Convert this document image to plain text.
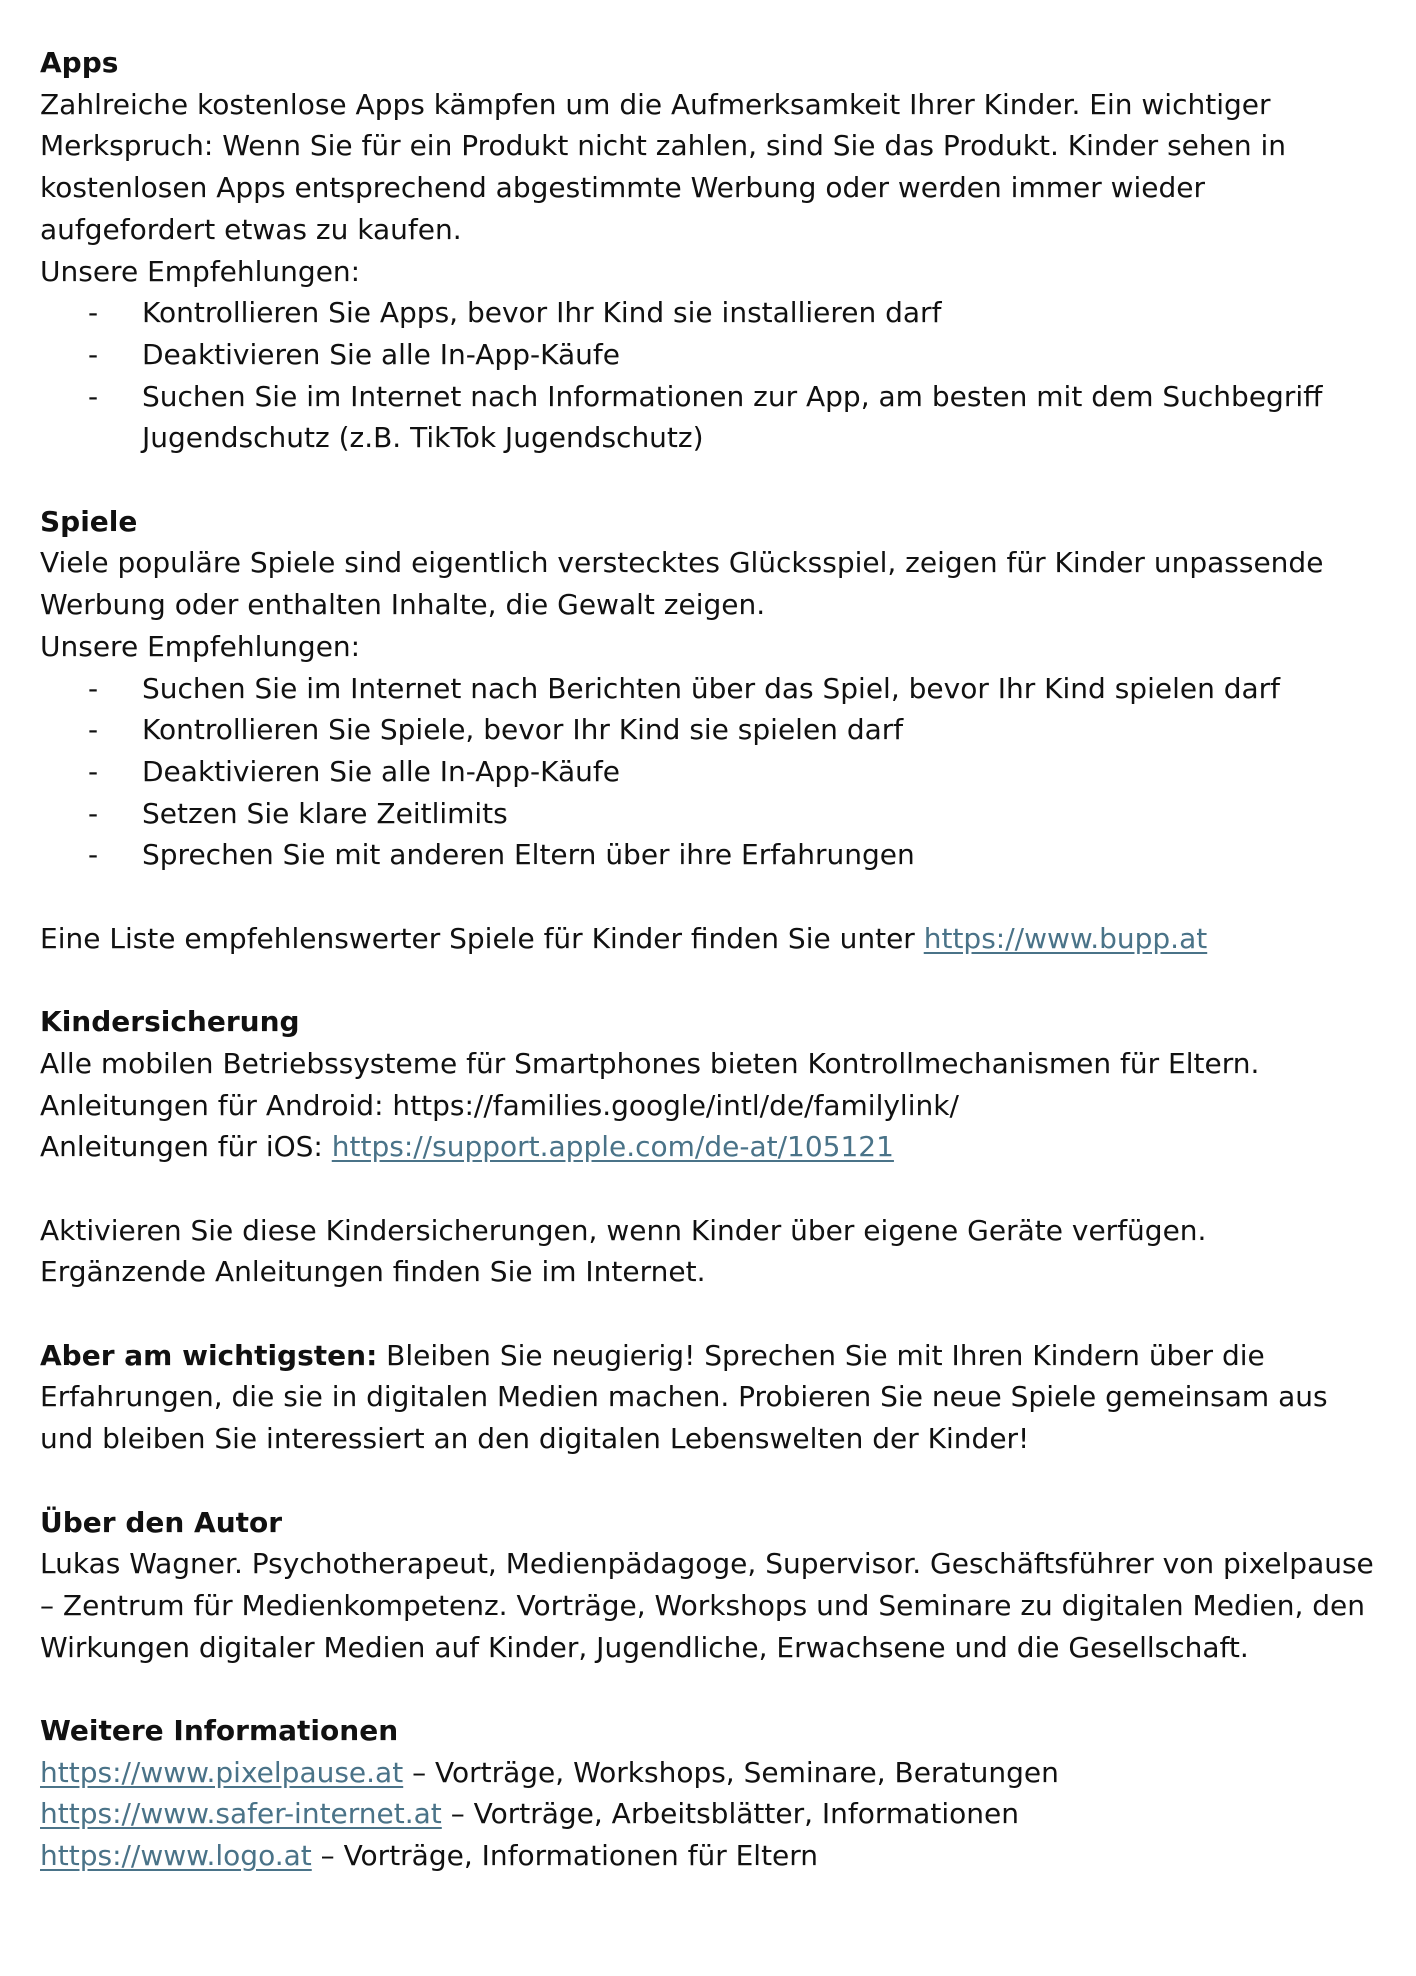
Apps

Zahlreiche kostenlose Apps kämpfen um die Aufmerksamkeit Ihrer Kinder. Ein wichtiger Merkspruch: Wenn Sie für ein Produkt nicht zahlen, sind Sie das Produkt. Kinder sehen in kostenlosen Apps entsprechend abgestimmte Werbung oder werden immer wieder aufgefordert etwas zu kaufen.

Unsere Empfehlungen:

- Kontrollieren Sie Apps, bevor Ihr Kind sie installieren darf
- Deaktivieren Sie alle In-App-Käufe
- Suchen Sie im Internet nach Informationen zur App, am besten mit dem Suchbegriff Jugendschutz (z.B. TikTok Jugendschutz)
Spiele

Viele populäre Spiele sind eigentlich verstecktes Glücksspiel, zeigen für Kinder unpassende Werbung oder enthalten Inhalte, die Gewalt zeigen.

Unsere Empfehlungen:

- Suchen Sie im Internet nach Berichten über das Spiel, bevor Ihr Kind spielen darf
- Kontrollieren Sie Spiele, bevor Ihr Kind sie spielen darf
- Deaktivieren Sie alle In-App-Käufe
- Setzen Sie klare Zeitlimits
- Sprechen Sie mit anderen Eltern über ihre Erfahrungen

Eine Liste empfehlenswerter Spiele für Kinder finden Sie unter https://www.bupp.at

Kindersicherung

Alle mobilen Betriebssysteme für Smartphones bieten Kontrollmechanismen für Eltern.

Anleitungen für Android: https://families.google/intl/de/familylink/

Anleitungen für iOS: https://support.apple.com/de-at/105121

Aktivieren Sie diese Kindersicherungen, wenn Kinder über eigene Geräte verfügen.

Ergänzende Anleitungen finden Sie im Internet.

Aber am wichtigsten: Bleiben Sie neugierig! Sprechen Sie mit Ihren Kindern über die Erfahrungen, die sie in digitalen Medien machen. Probieren Sie neue Spiele gemeinsam aus und bleiben Sie interessiert an den digitalen Lebenswelten der Kinder!

Über den Autor

Lukas Wagner. Psychotherapeut, Medienpädagoge, Supervisor. Geschäftsführer von pixelpause – Zentrum für Medienkompetenz. Vorträge, Workshops und Seminare zu digitalen Medien, den Wirkungen digitaler Medien auf Kinder, Jugendliche, Erwachsene und die Gesellschaft.

Weitere Informationen

https://www.pixelpause.at – Vorträge, Workshops, Seminare, Beratungen

https://www.safer-internet.at – Vorträge, Arbeitsblätter, Informationen

https://www.logo.at – Vorträge, Informationen für Eltern
